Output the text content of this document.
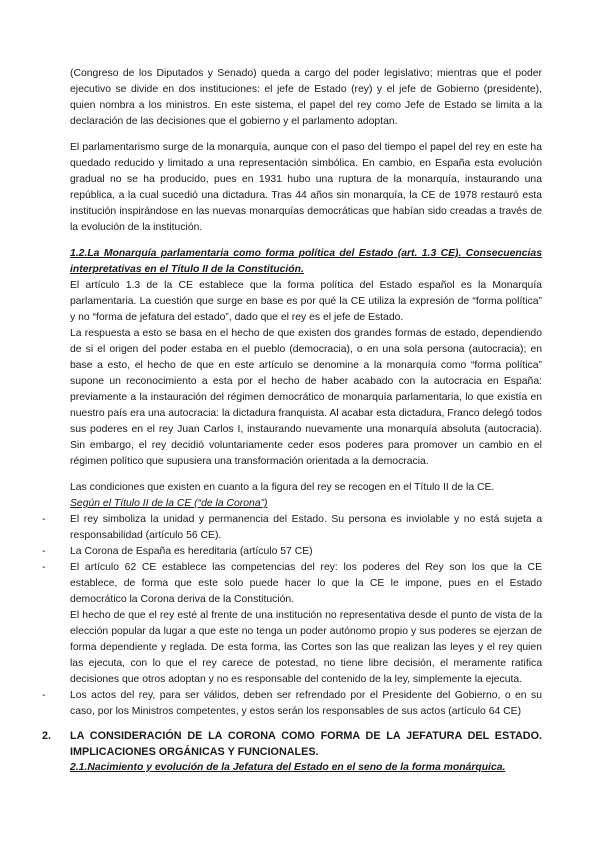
(Congreso de los Diputados y Senado) queda a cargo del poder legislativo; mientras que el poder ejecutivo se divide en dos instituciones: el jefe de Estado (rey) y el jefe de Gobierno (presidente), quien nombra a los ministros. En este sistema, el papel del rey como Jefe de Estado se limita a la declaración de las decisiones que el gobierno y el parlamento adoptan.

El parlamentarismo surge de la monarquía, aunque con el paso del tiempo el papel del rey en este ha quedado reducido y limitado a una representación simbólica. En cambio, en España esta evolución gradual no se ha producido, pues en 1931 hubo una ruptura de la monarquía, instaurando una república, a la cual sucedió una dictadura. Tras 44 años sin monarquía, la CE de 1978 restauró esta institución inspirándose en las nuevas monarquías democráticas que habían sido creadas a través de la evolución de la institución.

1.2.La Monarquía parlamentaria como forma política del Estado (art. 1.3 CE). Consecuencias interpretativas en el Título II de la Constitución.

El artículo 1.3 de la CE establece que la forma política del Estado español es la Monarquía parlamentaria. La cuestión que surge en base es por qué la CE utiliza la expresión de “forma política” y no “forma de jefatura del estado”, dado que el rey es el jefe de Estado.

La respuesta a esto se basa en el hecho de que existen dos grandes formas de estado, dependiendo de si el origen del poder estaba en el pueblo (democracia), o en una sola persona (autocracia); en base a esto, el hecho de que en este artículo se denomine a la monarquía como “forma política” supone un reconocimiento a esta por el hecho de haber acabado con la autocracia en España: previamente a la instauración del régimen democrático de monarquía parlamentaria, lo que existía en nuestro país era una autocracia: la dictadura franquista. Al acabar esta dictadura, Franco delegó todos sus poderes en el rey Juan Carlos I, instaurando nuevamente una monarquía absoluta (autocracia). Sin embargo, el rey decidió voluntariamente ceder esos poderes para promover un cambio en el régimen político que supusiera una transformación orientada a la democracia.

Las condiciones que existen en cuanto a la figura del rey se recogen en el Título II de la CE.

Según el Título II de la CE (“de la Corona”)

- El rey simboliza la unidad y permanencia del Estado. Su persona es inviolable y no está sujeta a responsabilidad (artículo 56 CE).
- La Corona de España es hereditaria (artículo 57 CE)
- El artículo 62 CE establece las competencias del rey: los poderes del Rey son los que la CE establece, de forma que este solo puede hacer lo que la CE le impone, pues en el Estado democrático la Corona deriva de la Constitución.
El hecho de que el rey esté al frente de una institución no representativa desde el punto de vista de la elección popular da lugar a que este no tenga un poder autónomo propio y sus poderes se ejerzan de forma dependiente y reglada. De esta forma, las Cortes son las que realizan las leyes y el rey quien las ejecuta, con lo que el rey carece de potestad, no tiene libre decisión, el meramente ratifica decisiones que otros adoptan y no es responsable del contenido de la ley, simplemente la ejecuta.
- Los actos del rey, para ser válidos, deben ser refrendado por el Presidente del Gobierno, o en su caso, por los Ministros competentes, y estos serán los responsables de sus actos (artículo 64 CE)

2. LA CONSIDERACIÓN DE LA CORONA COMO FORMA DE LA JEFATURA DEL ESTADO. IMPLICACIONES ORGÁNICAS Y FUNCIONALES.

2.1.Nacimiento y evolución de la Jefatura del Estado en el seno de la forma monárquica.
